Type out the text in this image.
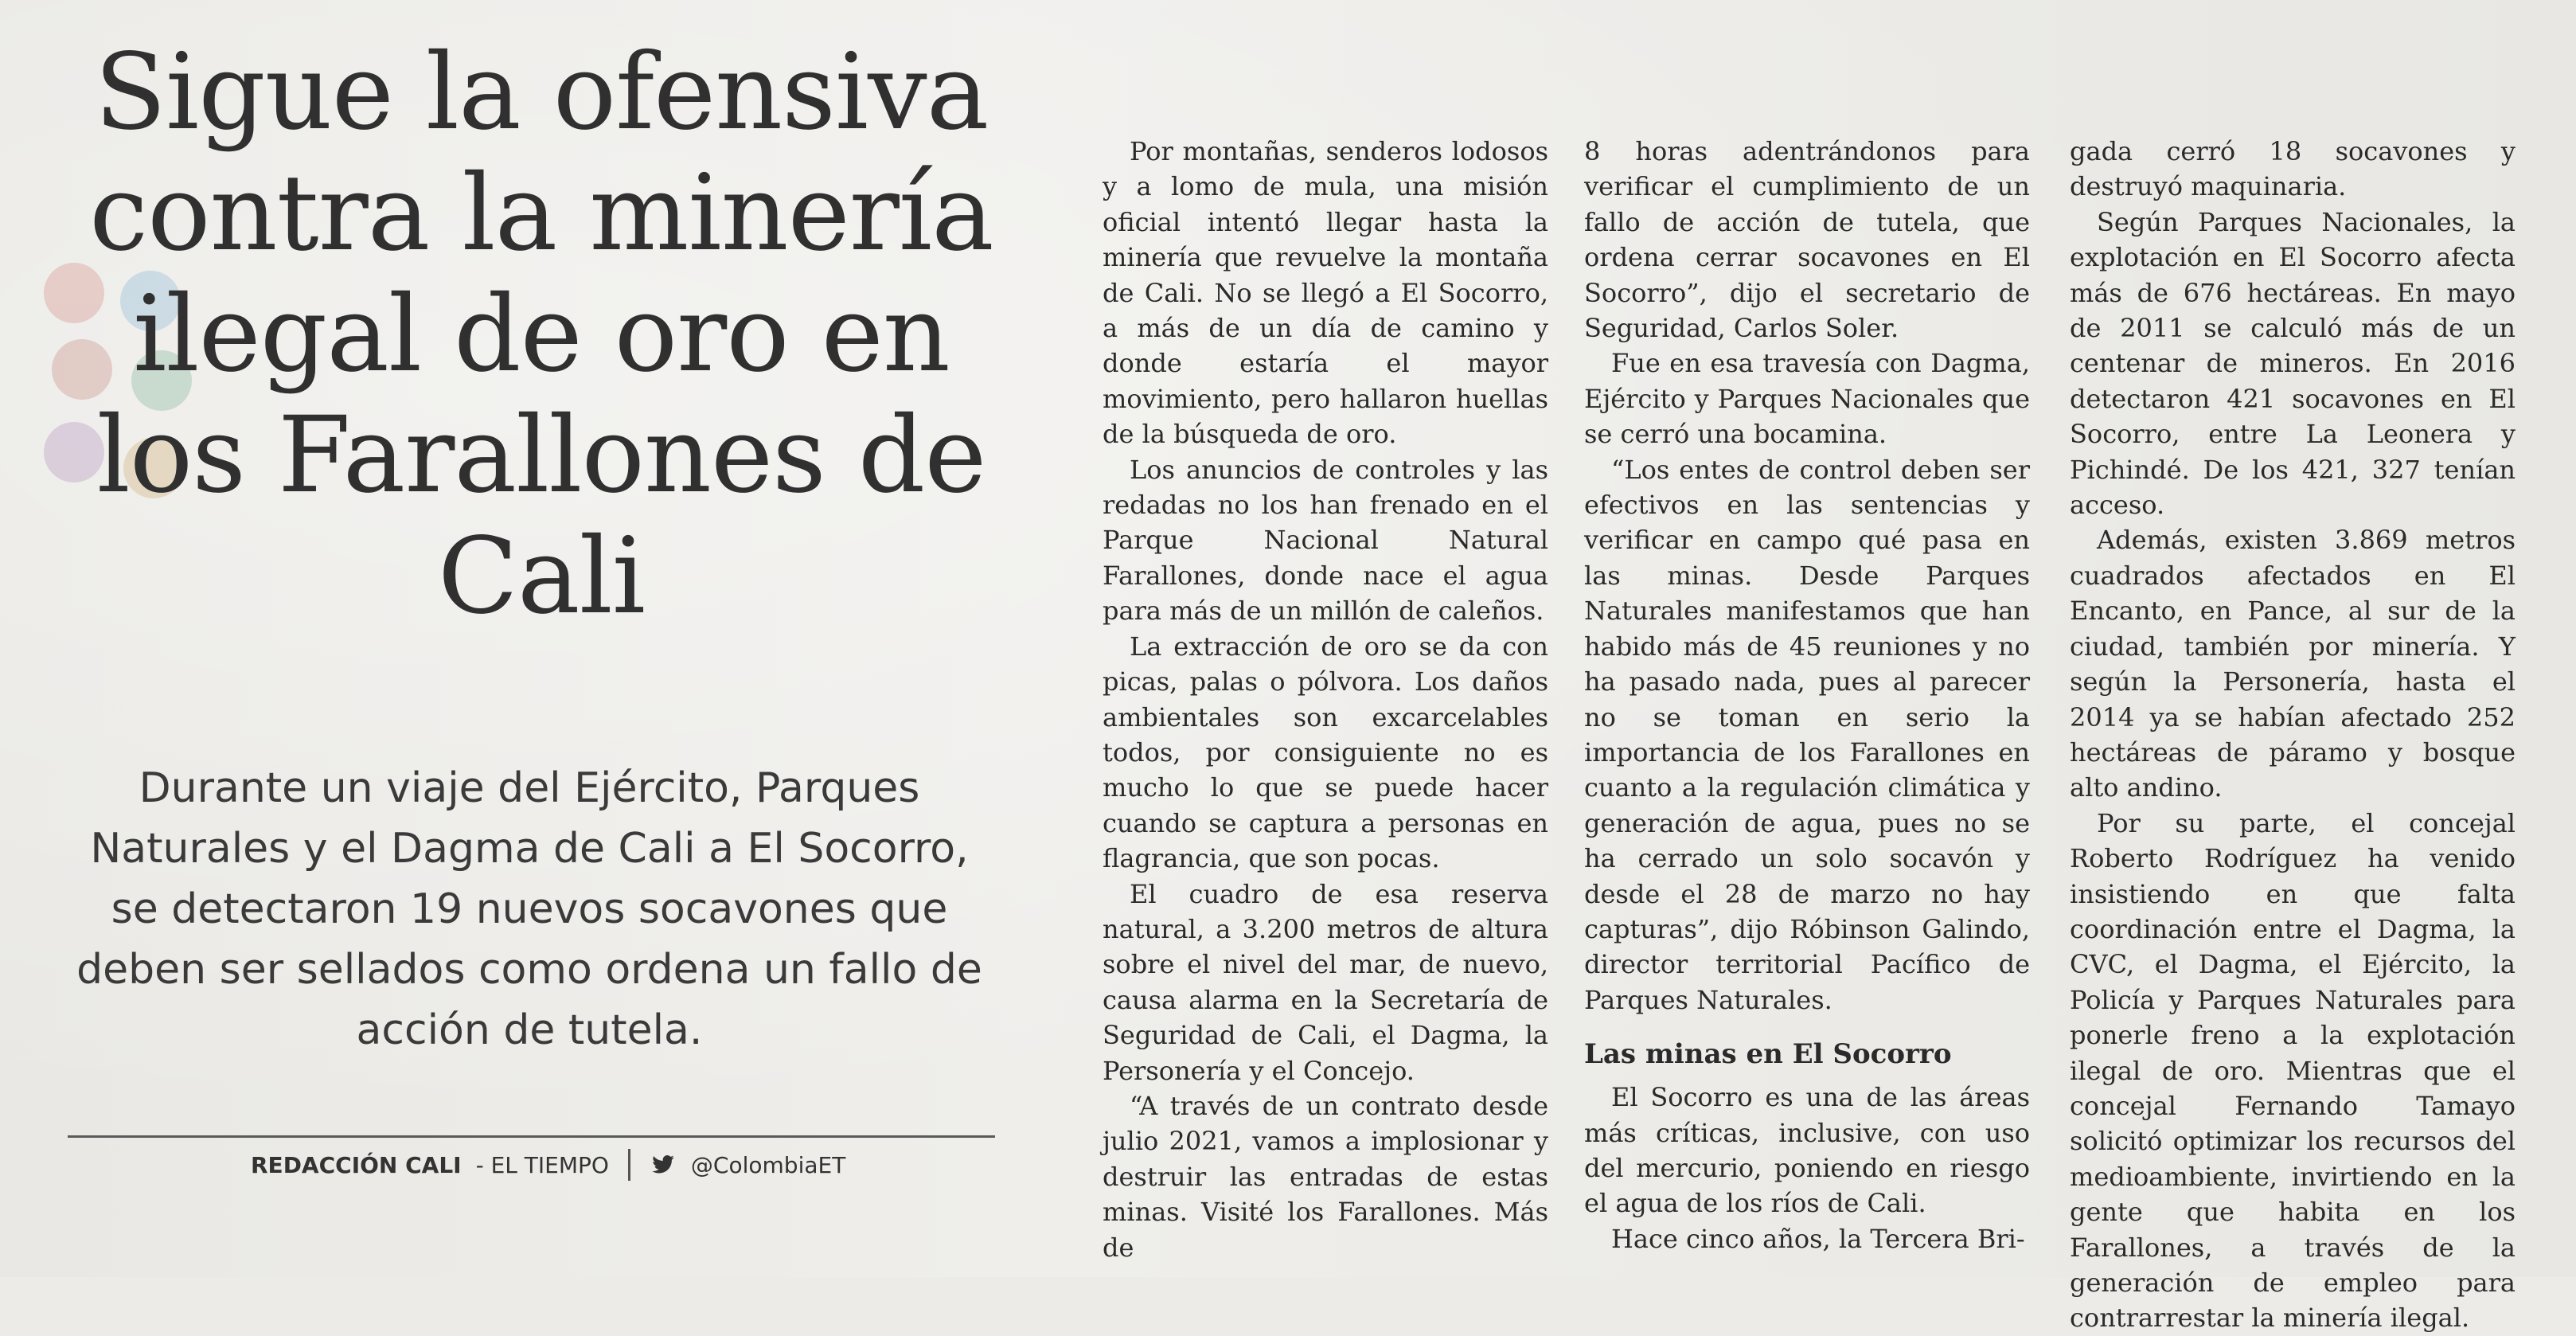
Sigue la ofensiva contra la minería ilegal de oro en los Farallones de Cali
Durante un viaje del Ejército, Parques Naturales y el Dagma de Cali a El Socorro, se detectaron 19 nuevos socavones que deben ser sellados como ordena un fallo de acción de tutela.
REDACCIÓN CALI - EL TIEMPO	@ColombiaET

Por montañas, senderos lodosos y a lomo de mula, una misión oficial intentó llegar hasta la minería que revuelve la montaña de Cali. No se llegó a El Socorro, a más de un día de camino y donde estaría el mayor movimiento, pero hallaron huellas de la búsqueda de oro.

Los anuncios de controles y las redadas no los han frenado en el Parque Nacional Natural Farallones, donde nace el agua para más de un millón de caleños.

La extracción de oro se da con picas, palas o pólvora. Los daños ambientales son excarcelables todos, por consiguiente no es mucho lo que se puede hacer cuando se captura a personas en flagrancia, que son pocas.

El cuadro de esa reserva natural, a 3.200 metros de altura sobre el nivel del mar, de nuevo, causa alarma en la Secretaría de Seguridad de Cali, el Dagma, la Personería y el Concejo.

“A través de un contrato desde julio 2021, vamos a implosionar y destruir las entradas de estas minas. Visité los Farallones. Más de

8 horas adentrándonos para verificar el cumplimiento de un fallo de acción de tutela, que ordena cerrar socavones en El Socorro”, dijo el secretario de Seguridad, Carlos Soler.

Fue en esa travesía con Dagma, Ejército y Parques Nacionales que se cerró una bocamina.

“Los entes de control deben ser efectivos en las sentencias y verificar en campo qué pasa en las minas. Desde Parques Naturales manifestamos que han habido más de 45 reuniones y no ha pasado nada, pues al parecer no se toman en serio la importancia de los Farallones en cuanto a la regulación climática y generación de agua, pues no se ha cerrado un solo socavón y desde el 28 de marzo no hay capturas”, dijo Róbinson Galindo, director territorial Pacífico de Parques Naturales.

Las minas en El Socorro

El Socorro es una de las áreas más críticas, inclusive, con uso del mercurio, poniendo en riesgo el agua de los ríos de Cali.

Hace cinco años, la Tercera Bri-

gada cerró 18 socavones y destruyó maquinaria.

Según Parques Nacionales, la explotación en El Socorro afecta más de 676 hectáreas. En mayo de 2011 se calculó más de un centenar de mineros. En 2016 detectaron 421 socavones en El Socorro, entre La Leonera y Pichindé. De los 421, 327 tenían acceso.

Además, existen 3.869 metros cuadrados afectados en El Encanto, en Pance, al sur de la ciudad, también por minería. Y según la Personería, hasta el 2014 ya se habían afectado 252 hectáreas de páramo y bosque alto andino.

Por su parte, el concejal Roberto Rodríguez ha venido insistiendo en que falta coordinación entre el Dagma, la CVC, el Dagma, el Ejército, la Policía y Parques Naturales para ponerle freno a la explotación ilegal de oro. Mientras que el concejal Fernando Tamayo solicitó optimizar los recursos del medioambiente, invirtiendo en la gente que habita en los Farallones, a través de la generación de empleo para contrarrestar la minería ilegal.
